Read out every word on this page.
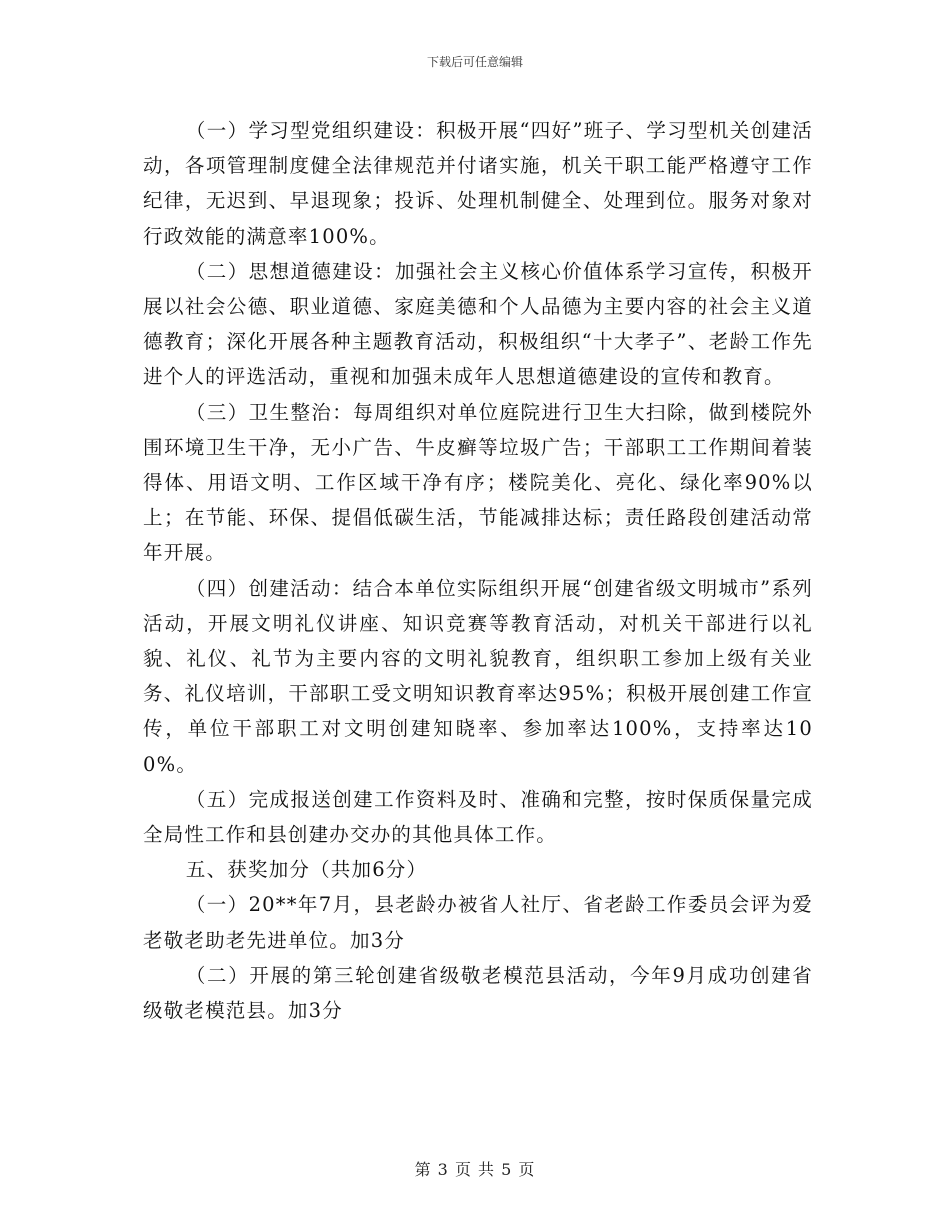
下载后可任意编辑

（一）学习型党组织建设：积极开展“四好”班子、学习型机关创建活动，各项管理制度健全法律规范并付诸实施，机关干职工能严格遵守工作纪律，无迟到、早退现象；投诉、处理机制健全、处理到位。服务对象对行政效能的满意率100%。

（二）思想道德建设：加强社会主义核心价值体系学习宣传，积极开展以社会公德、职业道德、家庭美德和个人品德为主要内容的社会主义道德教育；深化开展各种主题教育活动，积极组织“十大孝子”、老龄工作先进个人的评选活动，重视和加强未成年人思想道德建设的宣传和教育。

（三）卫生整治：每周组织对单位庭院进行卫生大扫除，做到楼院外围环境卫生干净，无小广告、牛皮癣等垃圾广告；干部职工工作期间着装得体、用语文明、工作区域干净有序；楼院美化、亮化、绿化率90%以上；在节能、环保、提倡低碳生活，节能减排达标；责任路段创建活动常年开展。

（四）创建活动：结合本单位实际组织开展“创建省级文明城市”系列活动，开展文明礼仪讲座、知识竞赛等教育活动，对机关干部进行以礼貌、礼仪、礼节为主要内容的文明礼貌教育，组织职工参加上级有关业务、礼仪培训，干部职工受文明知识教育率达95%；积极开展创建工作宣传，单位干部职工对文明创建知晓率、参加率达100%，支持率达100%。

（五）完成报送创建工作资料及时、准确和完整，按时保质保量完成全局性工作和县创建办交办的其他具体工作。

五、获奖加分（共加6分）

（一）20**年7月，县老龄办被省人社厅、省老龄工作委员会评为爱老敬老助老先进单位。加3分

（二）开展的第三轮创建省级敬老模范县活动，今年9月成功创建省级敬老模范县。加3分

第 3 页 共 5 页
